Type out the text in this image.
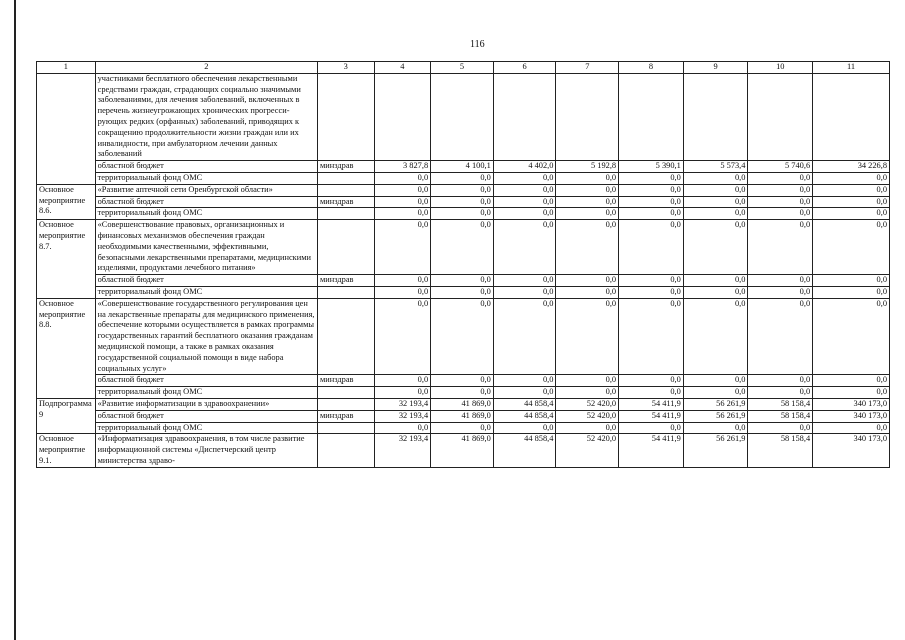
116
1	2	3	4	5	6	7	8	9	10	11
	участниками бесплатного обеспечения лекарственными средствами граждан, страдающих социально значимыми заболеваниями, для лечения заболеваний, включенных в перечень жизнеугрожающих хронических прогрессирующих редких (орфанных) заболеваний, приводящих к сокращению продолжительности жизни граждан или их инвалидности, при амбулаторном лечении данных заболеваний									
	областной бюджет	минздрав	3 827,8	4 100,1	4 402,0	5 192,8	5 390,1	5 573,4	5 740,6	34 226,8
	территориальный фонд ОМС		0,0	0,0	0,0	0,0	0,0	0,0	0,0	0,0
Основное мероприятие 8.6.	«Развитие аптечной сети Оренбургской области»		0,0	0,0	0,0	0,0	0,0	0,0	0,0	0,0
	областной бюджет	минздрав	0,0	0,0	0,0	0,0	0,0	0,0	0,0	0,0
	территориальный фонд ОМС		0,0	0,0	0,0	0,0	0,0	0,0	0,0	0,0
Основное мероприятие 8.7.	«Совершенствование правовых, организационных и финансовых механизмов обеспечения граждан необходимыми качественными, эффективными, безопасными лекарственными препаратами, медицинскими изделиями, продуктами лечебного питания»		0,0	0,0	0,0	0,0	0,0	0,0	0,0	0,0
	областной бюджет	минздрав	0,0	0,0	0,0	0,0	0,0	0,0	0,0	0,0
	территориальный фонд ОМС		0,0	0,0	0,0	0,0	0,0	0,0	0,0	0,0
Основное мероприятие 8.8.	«Совершенствование государственного регулирования цен на лекарственные препараты для медицинского применения, обеспечение которыми осуществляется в рамках программы государственных гарантий бесплатного оказания гражданам медицинской помощи, а также в рамках оказания государственной социальной помощи в виде набора социальных услуг»		0,0	0,0	0,0	0,0	0,0	0,0	0,0	0,0
	областной бюджет	минздрав	0,0	0,0	0,0	0,0	0,0	0,0	0,0	0,0
	территориальный фонд ОМС		0,0	0,0	0,0	0,0	0,0	0,0	0,0	0,0
Подпрограмма 9	«Развитие информатизации в здравоохранении»		32 193,4	41 869,0	44 858,4	52 420,0	54 411,9	56 261,9	58 158,4	340 173,0
	областной бюджет	минздрав	32 193,4	41 869,0	44 858,4	52 420,0	54 411,9	56 261,9	58 158,4	340 173,0
	территориальный фонд ОМС		0,0	0,0	0,0	0,0	0,0	0,0	0,0	0,0
Основное мероприятие 9.1.	«Информатизация здравоохранения, в том числе развитие информационной системы «Диспетчерский центр министерства здраво-		32 193,4	41 869,0	44 858,4	52 420,0	54 411,9	56 261,9	58 158,4	340 173,0
